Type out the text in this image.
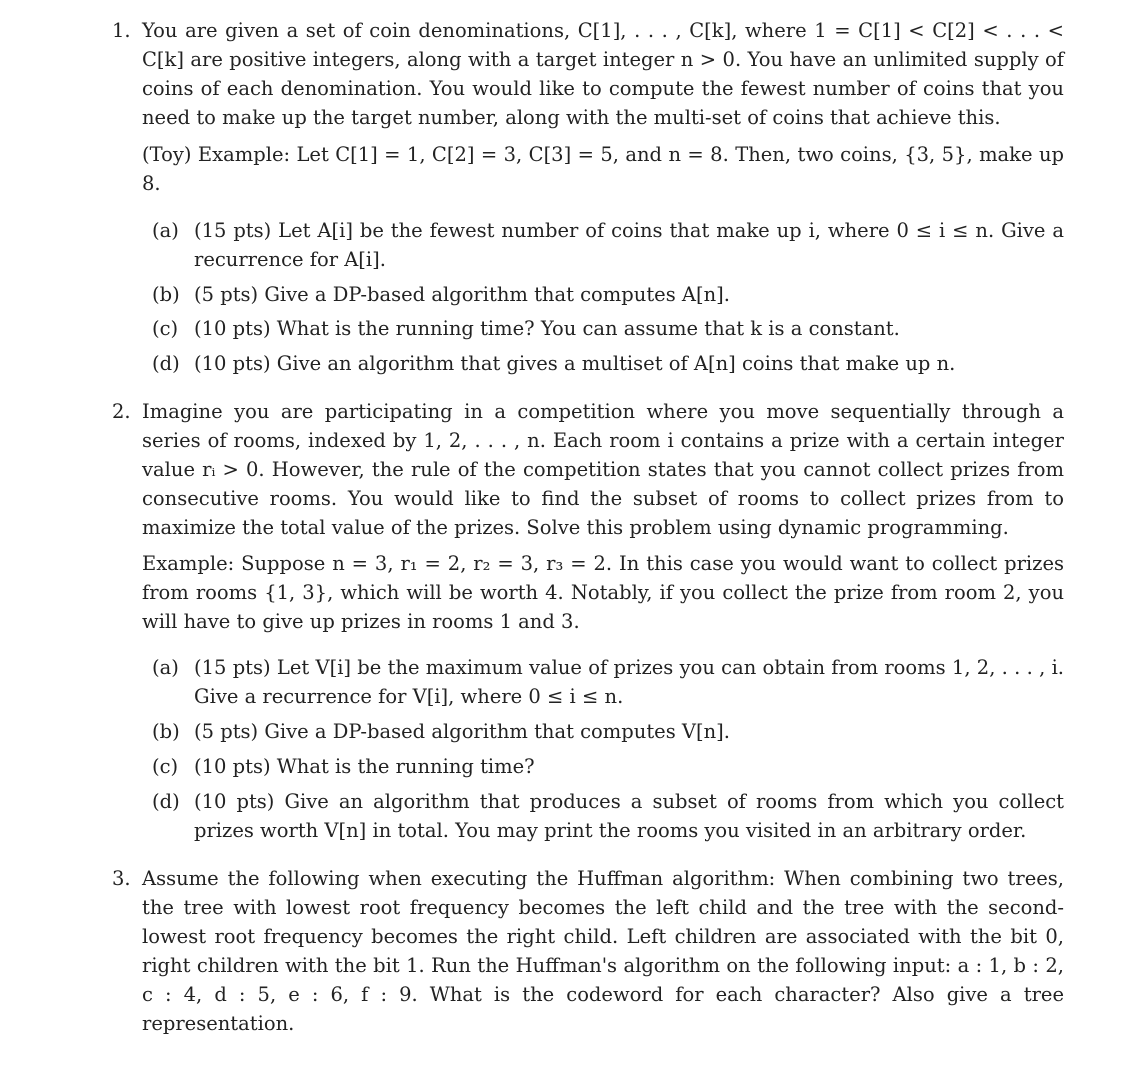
1. You are given a set of coin denominations, C[1], . . . , C[k], where 1 = C[1] < C[2] < . . . < C[k] are positive integers, along with a target integer n > 0. You have an unlimited supply of coins of each denomination. You would like to compute the fewest number of coins that you need to make up the target number, along with the multi-set of coins that achieve this.

(Toy) Example: Let C[1] = 1, C[2] = 3, C[3] = 5, and n = 8. Then, two coins, {3, 5}, make up 8.

(a) (15 pts) Let A[i] be the fewest number of coins that make up i, where 0 ≤ i ≤ n. Give a recurrence for A[i].
(b) (5 pts) Give a DP-based algorithm that computes A[n].
(c) (10 pts) What is the running time? You can assume that k is a constant.
(d) (10 pts) Give an algorithm that gives a multiset of A[n] coins that make up n.
2. Imagine you are participating in a competition where you move sequentially through a series of rooms, indexed by 1, 2, . . . , n. Each room i contains a prize with a certain integer value rᵢ > 0. However, the rule of the competition states that you cannot collect prizes from consecutive rooms. You would like to find the subset of rooms to collect prizes from to maximize the total value of the prizes. Solve this problem using dynamic programming.

Example: Suppose n = 3, r₁ = 2, r₂ = 3, r₃ = 2. In this case you would want to collect prizes from rooms {1, 3}, which will be worth 4. Notably, if you collect the prize from room 2, you will have to give up prizes in rooms 1 and 3.

(a) (15 pts) Let V[i] be the maximum value of prizes you can obtain from rooms 1, 2, . . . , i. Give a recurrence for V[i], where 0 ≤ i ≤ n.
(b) (5 pts) Give a DP-based algorithm that computes V[n].
(c) (10 pts) What is the running time?
(d) (10 pts) Give an algorithm that produces a subset of rooms from which you collect prizes worth V[n] in total. You may print the rooms you visited in an arbitrary order.
3. Assume the following when executing the Huffman algorithm: When combining two trees, the tree with lowest root frequency becomes the left child and the tree with the second-lowest root frequency becomes the right child. Left children are associated with the bit 0, right children with the bit 1. Run the Huffman's algorithm on the following input: a : 1, b : 2, c : 4, d : 5, e : 6, f : 9. What is the codeword for each character? Also give a tree representation.
